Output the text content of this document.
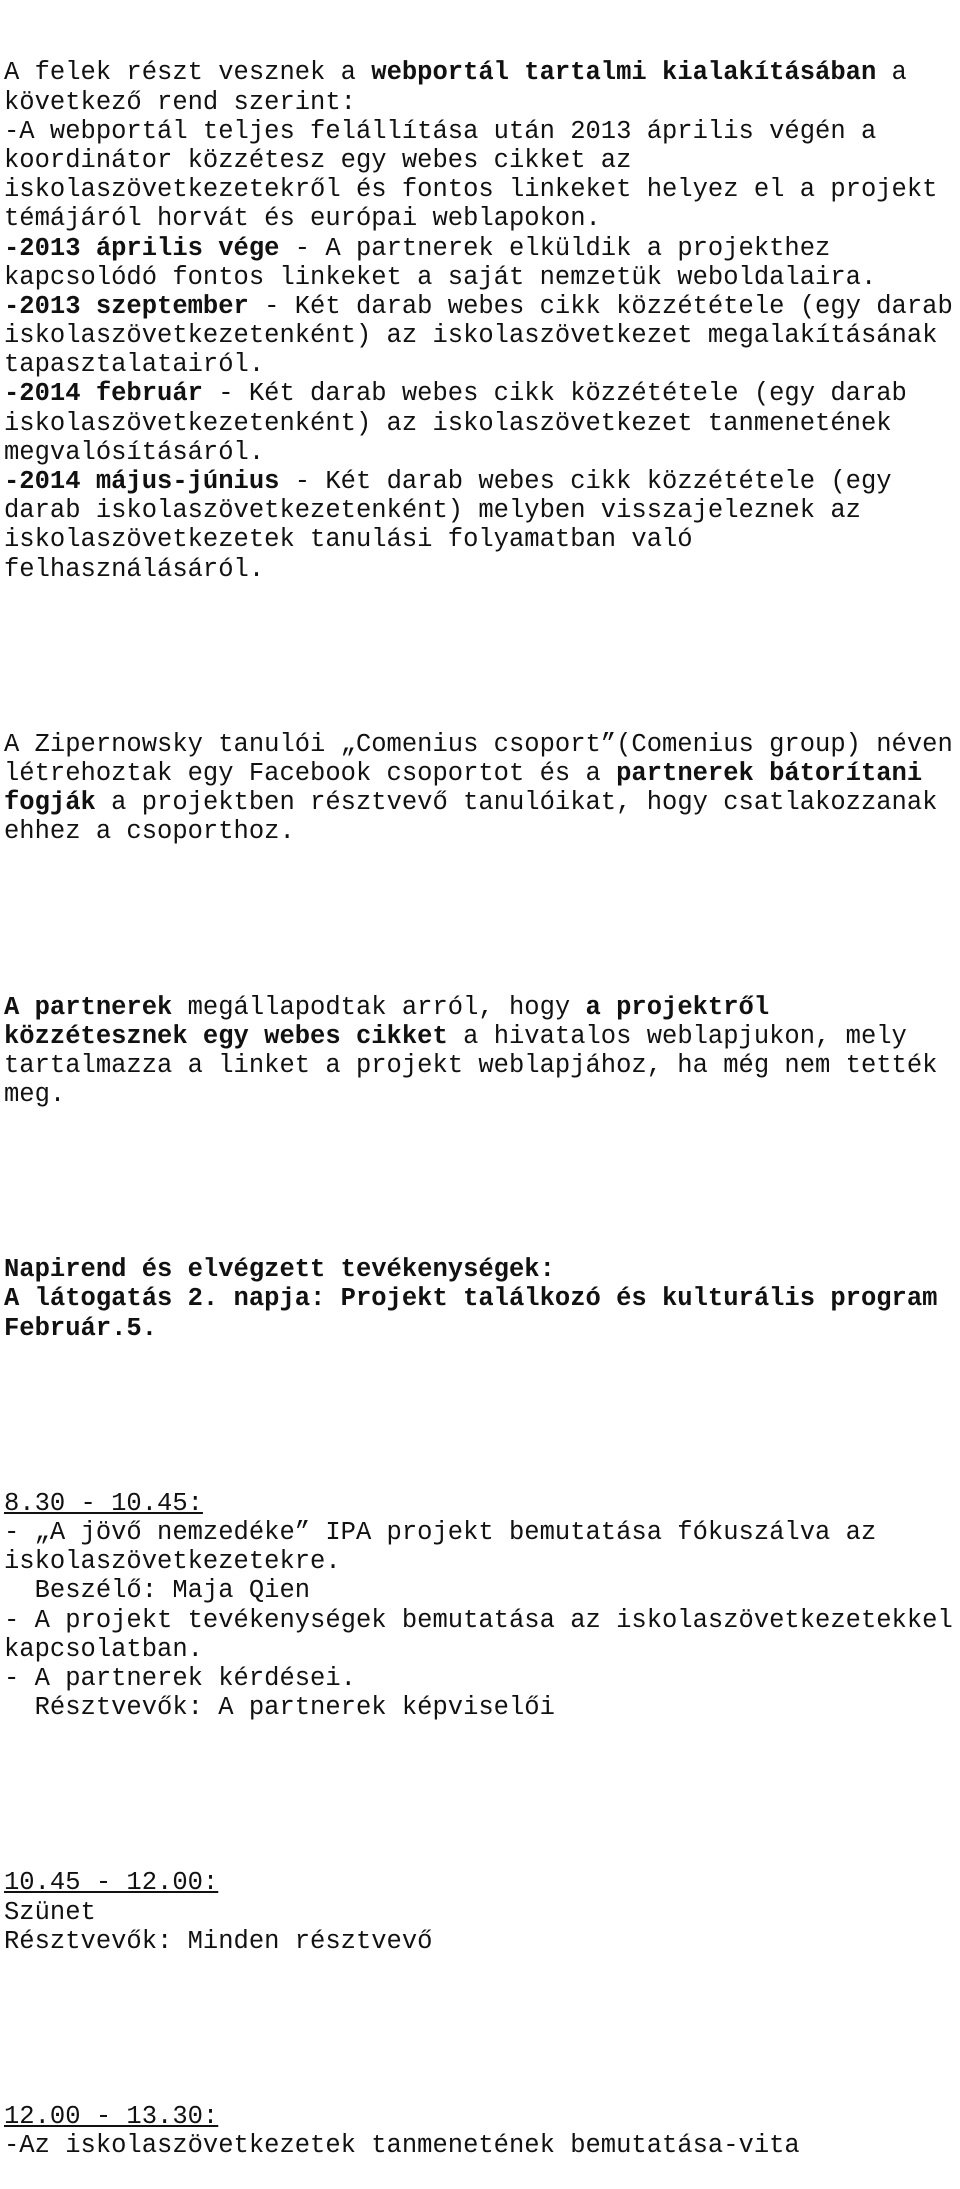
A felek részt vesznek a webportál tartalmi kialakításában a
következő rend szerint:
-A webportál teljes felállítása után 2013 április végén a
koordinátor közzétesz egy webes cikket az
iskolaszövetkezetekről és fontos linkeket helyez el a projekt
témájáról horvát és európai weblapokon.
-2013 április vége - A partnerek elküldik a projekthez
kapcsolódó fontos linkeket a saját nemzetük weboldalaira.
-2013 szeptember - Két darab webes cikk közzététele (egy darab
iskolaszövetkezetenként) az iskolaszövetkezet megalakításának
tapasztalatairól.
-2014 február - Két darab webes cikk közzététele (egy darab
iskolaszövetkezetenként) az iskolaszövetkezet tanmenetének
megvalósításáról.
-2014 május-június - Két darab webes cikk közzététele (egy
darab iskolaszövetkezetenként) melyben visszajeleznek az
iskolaszövetkezetek tanulási folyamatban való
felhasználásáról.

A Zipernowsky tanulói „Comenius csoport”(Comenius group) néven
létrehoztak egy Facebook csoportot és a partnerek bátorítani
fogják a projektben résztvevő tanulóikat, hogy csatlakozzanak
ehhez a csoporthoz.

A partnerek megállapodtak arról, hogy a projektről
közzétesznek egy webes cikket a hivatalos weblapjukon, mely
tartalmazza a linket a projekt weblapjához, ha még nem tették
meg.

Napirend és elvégzett tevékenységek:
A látogatás 2. napja: Projekt találkozó és kulturális program
Február.5.

8.30 - 10.45:
- „A jövő nemzedéke” IPA projekt bemutatása fókuszálva az
iskolaszövetkezetekre.
Beszélő: Maja Qien
- A projekt tevékenységek bemutatása az iskolaszövetkezetekkel
kapcsolatban.
- A partnerek kérdései.
Résztvevők: A partnerek képviselői

10.45 - 12.00:
Szünet
Résztvevők: Minden résztvevő

12.00 - 13.30:
-Az iskolaszövetkezetek tanmenetének bemutatása-vita
